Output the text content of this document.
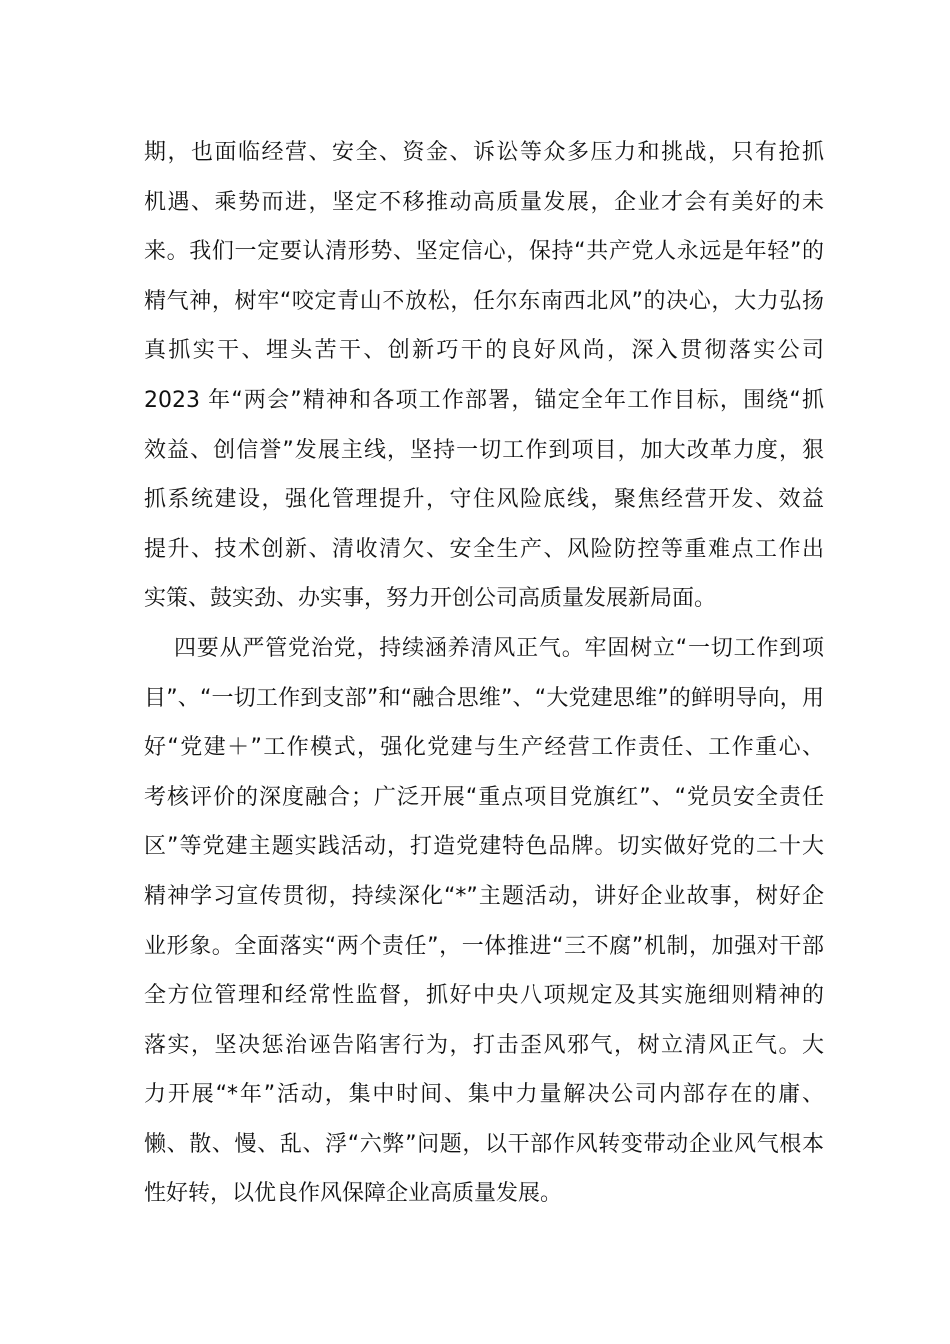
期，也面临经营、安全、资金、诉讼等众多压力和挑战，只有抢抓
机遇、乘势而进，坚定不移推动高质量发展，企业才会有美好的未
来。我们一定要认清形势、坚定信心，保持“共产党人永远是年轻”的
精气神，树牢“咬定青山不放松，任尔东南西北风”的决心，大力弘扬
真抓实干、埋头苦干、创新巧干的良好风尚，深入贯彻落实公司
2023 年“两会”精神和各项工作部署，锚定全年工作目标，围绕“抓
效益、创信誉”发展主线，坚持一切工作到项目，加大改革力度，狠
抓系统建设，强化管理提升，守住风险底线，聚焦经营开发、效益
提升、技术创新、清收清欠、安全生产、风险防控等重难点工作出
实策、鼓实劲、办实事，努力开创公司高质量发展新局面。
四要从严管党治党，持续涵养清风正气。牢固树立“一切工作到项
目”、“一切工作到支部”和“融合思维”、“大党建思维”的鲜明导向，用
好“党建＋”工作模式，强化党建与生产经营工作责任、工作重心、
考核评价的深度融合；广泛开展“重点项目党旗红”、“党员安全责任
区”等党建主题实践活动，打造党建特色品牌。切实做好党的二十大
精神学习宣传贯彻，持续深化“*”主题活动，讲好企业故事，树好企
业形象。全面落实“两个责任”，一体推进“三不腐”机制，加强对干部
全方位管理和经常性监督，抓好中央八项规定及其实施细则精神的
落实，坚决惩治诬告陷害行为，打击歪风邪气，树立清风正气。大
力开展“*年”活动，集中时间、集中力量解决公司内部存在的庸、
懒、散、慢、乱、浮“六弊”问题，以干部作风转变带动企业风气根本
性好转，以优良作风保障企业高质量发展。
